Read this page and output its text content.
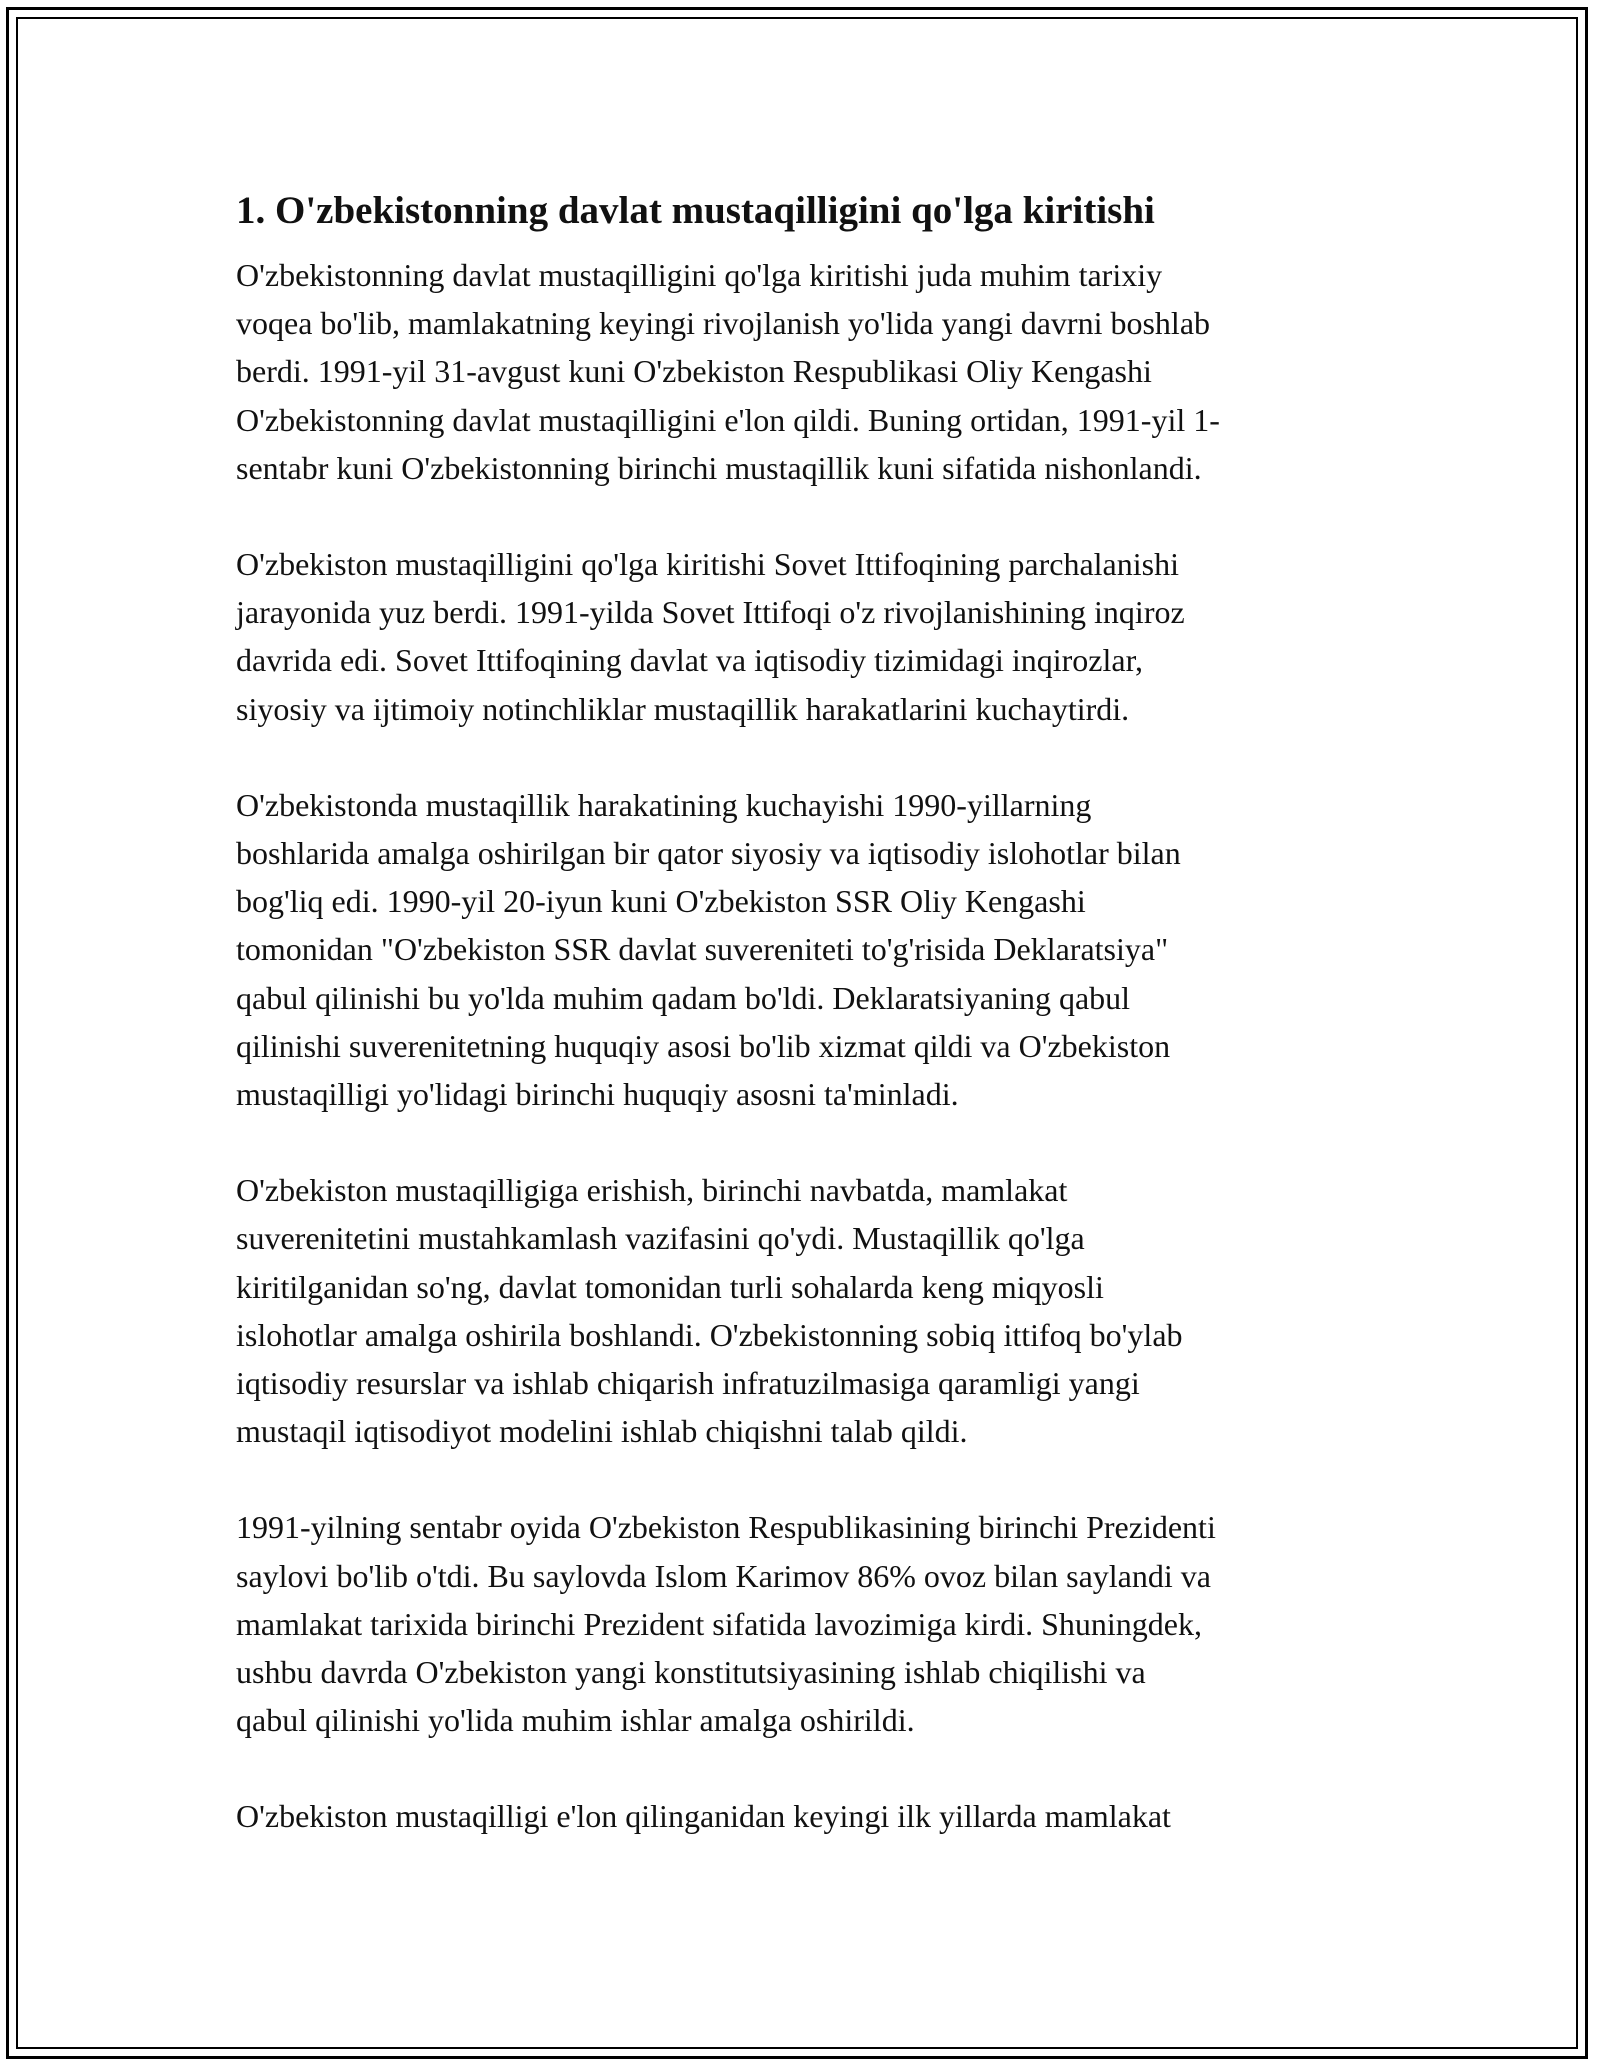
1. O'zbekistonning davlat mustaqilligini qo'lga kiritishi

O'zbekistonning davlat mustaqilligini qo'lga kiritishi juda muhim tarixiy
voqea bo'lib, mamlakatning keyingi rivojlanish yo'lida yangi davrni boshlab
berdi. 1991-yil 31-avgust kuni O'zbekiston Respublikasi Oliy Kengashi
O'zbekistonning davlat mustaqilligini e'lon qildi. Buning ortidan, 1991-yil 1-
sentabr kuni O'zbekistonning birinchi mustaqillik kuni sifatida nishonlandi.

O'zbekiston mustaqilligini qo'lga kiritishi Sovet Ittifoqining parchalanishi
jarayonida yuz berdi. 1991-yilda Sovet Ittifoqi o'z rivojlanishining inqiroz
davrida edi. Sovet Ittifoqining davlat va iqtisodiy tizimidagi inqirozlar,
siyosiy va ijtimoiy notinchliklar mustaqillik harakatlarini kuchaytirdi.

O'zbekistonda mustaqillik harakatining kuchayishi 1990-yillarning
boshlarida amalga oshirilgan bir qator siyosiy va iqtisodiy islohotlar bilan
bog'liq edi. 1990-yil 20-iyun kuni O'zbekiston SSR Oliy Kengashi
tomonidan "O'zbekiston SSR davlat suvereniteti to'g'risida Deklaratsiya"
qabul qilinishi bu yo'lda muhim qadam bo'ldi. Deklaratsiyaning qabul
qilinishi suverenitetning huquqiy asosi bo'lib xizmat qildi va O'zbekiston
mustaqilligi yo'lidagi birinchi huquqiy asosni ta'minladi.

O'zbekiston mustaqilligiga erishish, birinchi navbatda, mamlakat
suverenitetini mustahkamlash vazifasini qo'ydi. Mustaqillik qo'lga
kiritilganidan so'ng, davlat tomonidan turli sohalarda keng miqyosli
islohotlar amalga oshirila boshlandi. O'zbekistonning sobiq ittifoq bo'ylab
iqtisodiy resurslar va ishlab chiqarish infratuzilmasiga qaramligi yangi
mustaqil iqtisodiyot modelini ishlab chiqishni talab qildi.

1991-yilning sentabr oyida O'zbekiston Respublikasining birinchi Prezidenti
saylovi bo'lib o'tdi. Bu saylovda Islom Karimov 86% ovoz bilan saylandi va
mamlakat tarixida birinchi Prezident sifatida lavozimiga kirdi. Shuningdek,
ushbu davrda O'zbekiston yangi konstitutsiyasining ishlab chiqilishi va
qabul qilinishi yo'lida muhim ishlar amalga oshirildi.

O'zbekiston mustaqilligi e'lon qilinganidan keyingi ilk yillarda mamlakat
